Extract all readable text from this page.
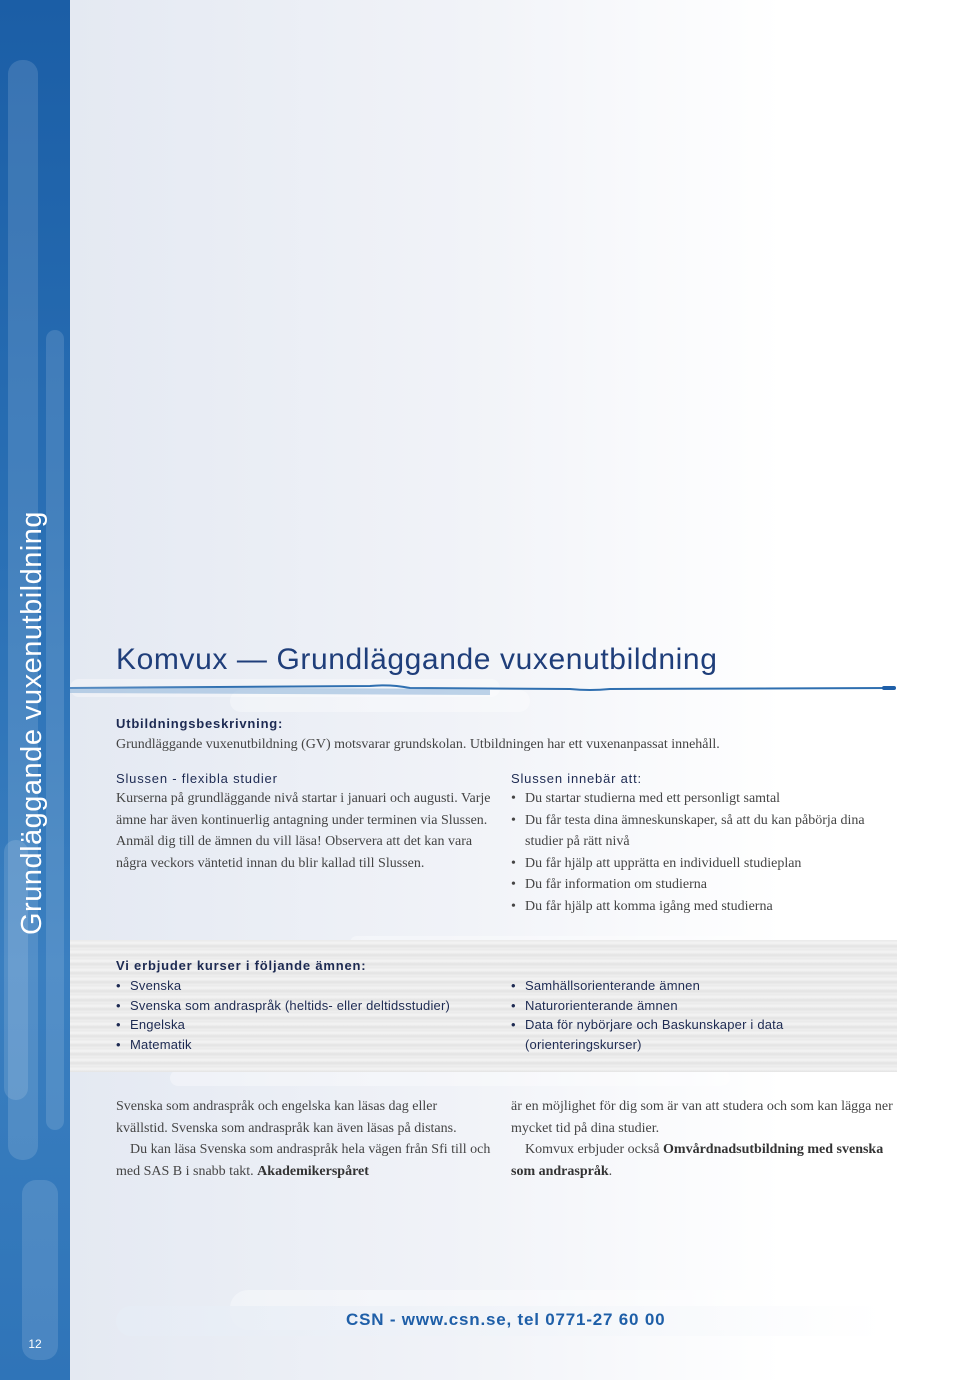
Grundläggande vuxenutbildning
12
Komvux — Grundläggande vuxenutbildning

Utbildningsbeskrivning:

Grundläggande vuxenutbildning (GV) motsvarar grundskolan. Utbildningen har ett vuxenanpassat innehåll.

Slussen - flexibla studier

Kurserna på grundläggande nivå startar i januari och augusti. Varje ämne har även kontinuerlig antagning under terminen via Slussen. Anmäl dig till de ämnen du vill läsa! Observera att det kan vara några veckors väntetid innan du blir kallad till Slussen.

Slussen innebär att:

• Du startar studierna med ett personligt samtal
• Du får testa dina ämneskunskaper, så att du kan påbörja dina studier på rätt nivå
• Du får hjälp att upprätta en individuell studieplan
• Du får information om studierna
• Du får hjälp att komma igång med studierna

Vi erbjuder kurser i följande ämnen:

• Svenska
• Svenska som andraspråk (heltids- eller deltidsstudier)
• Engelska
• Matematik
• Samhällsorienterande ämnen
• Naturorienterande ämnen
• Data för nybörjare och Baskunskaper i data (orienteringskurser)

Svenska som andraspråk och engelska kan läsas dag eller kvällstid. Svenska som andraspråk kan även läsas på distans.

Du kan läsa Svenska som andraspråk hela vägen från Sfi till och med SAS B i snabb takt. Akademikerspåret

är en möjlighet för dig som är van att studera och som kan lägga ner mycket tid på dina studier.

Komvux erbjuder också Omvårdnadsutbildning med svenska som andraspråk.

CSN - www.csn.se, tel 0771-27 60 00
